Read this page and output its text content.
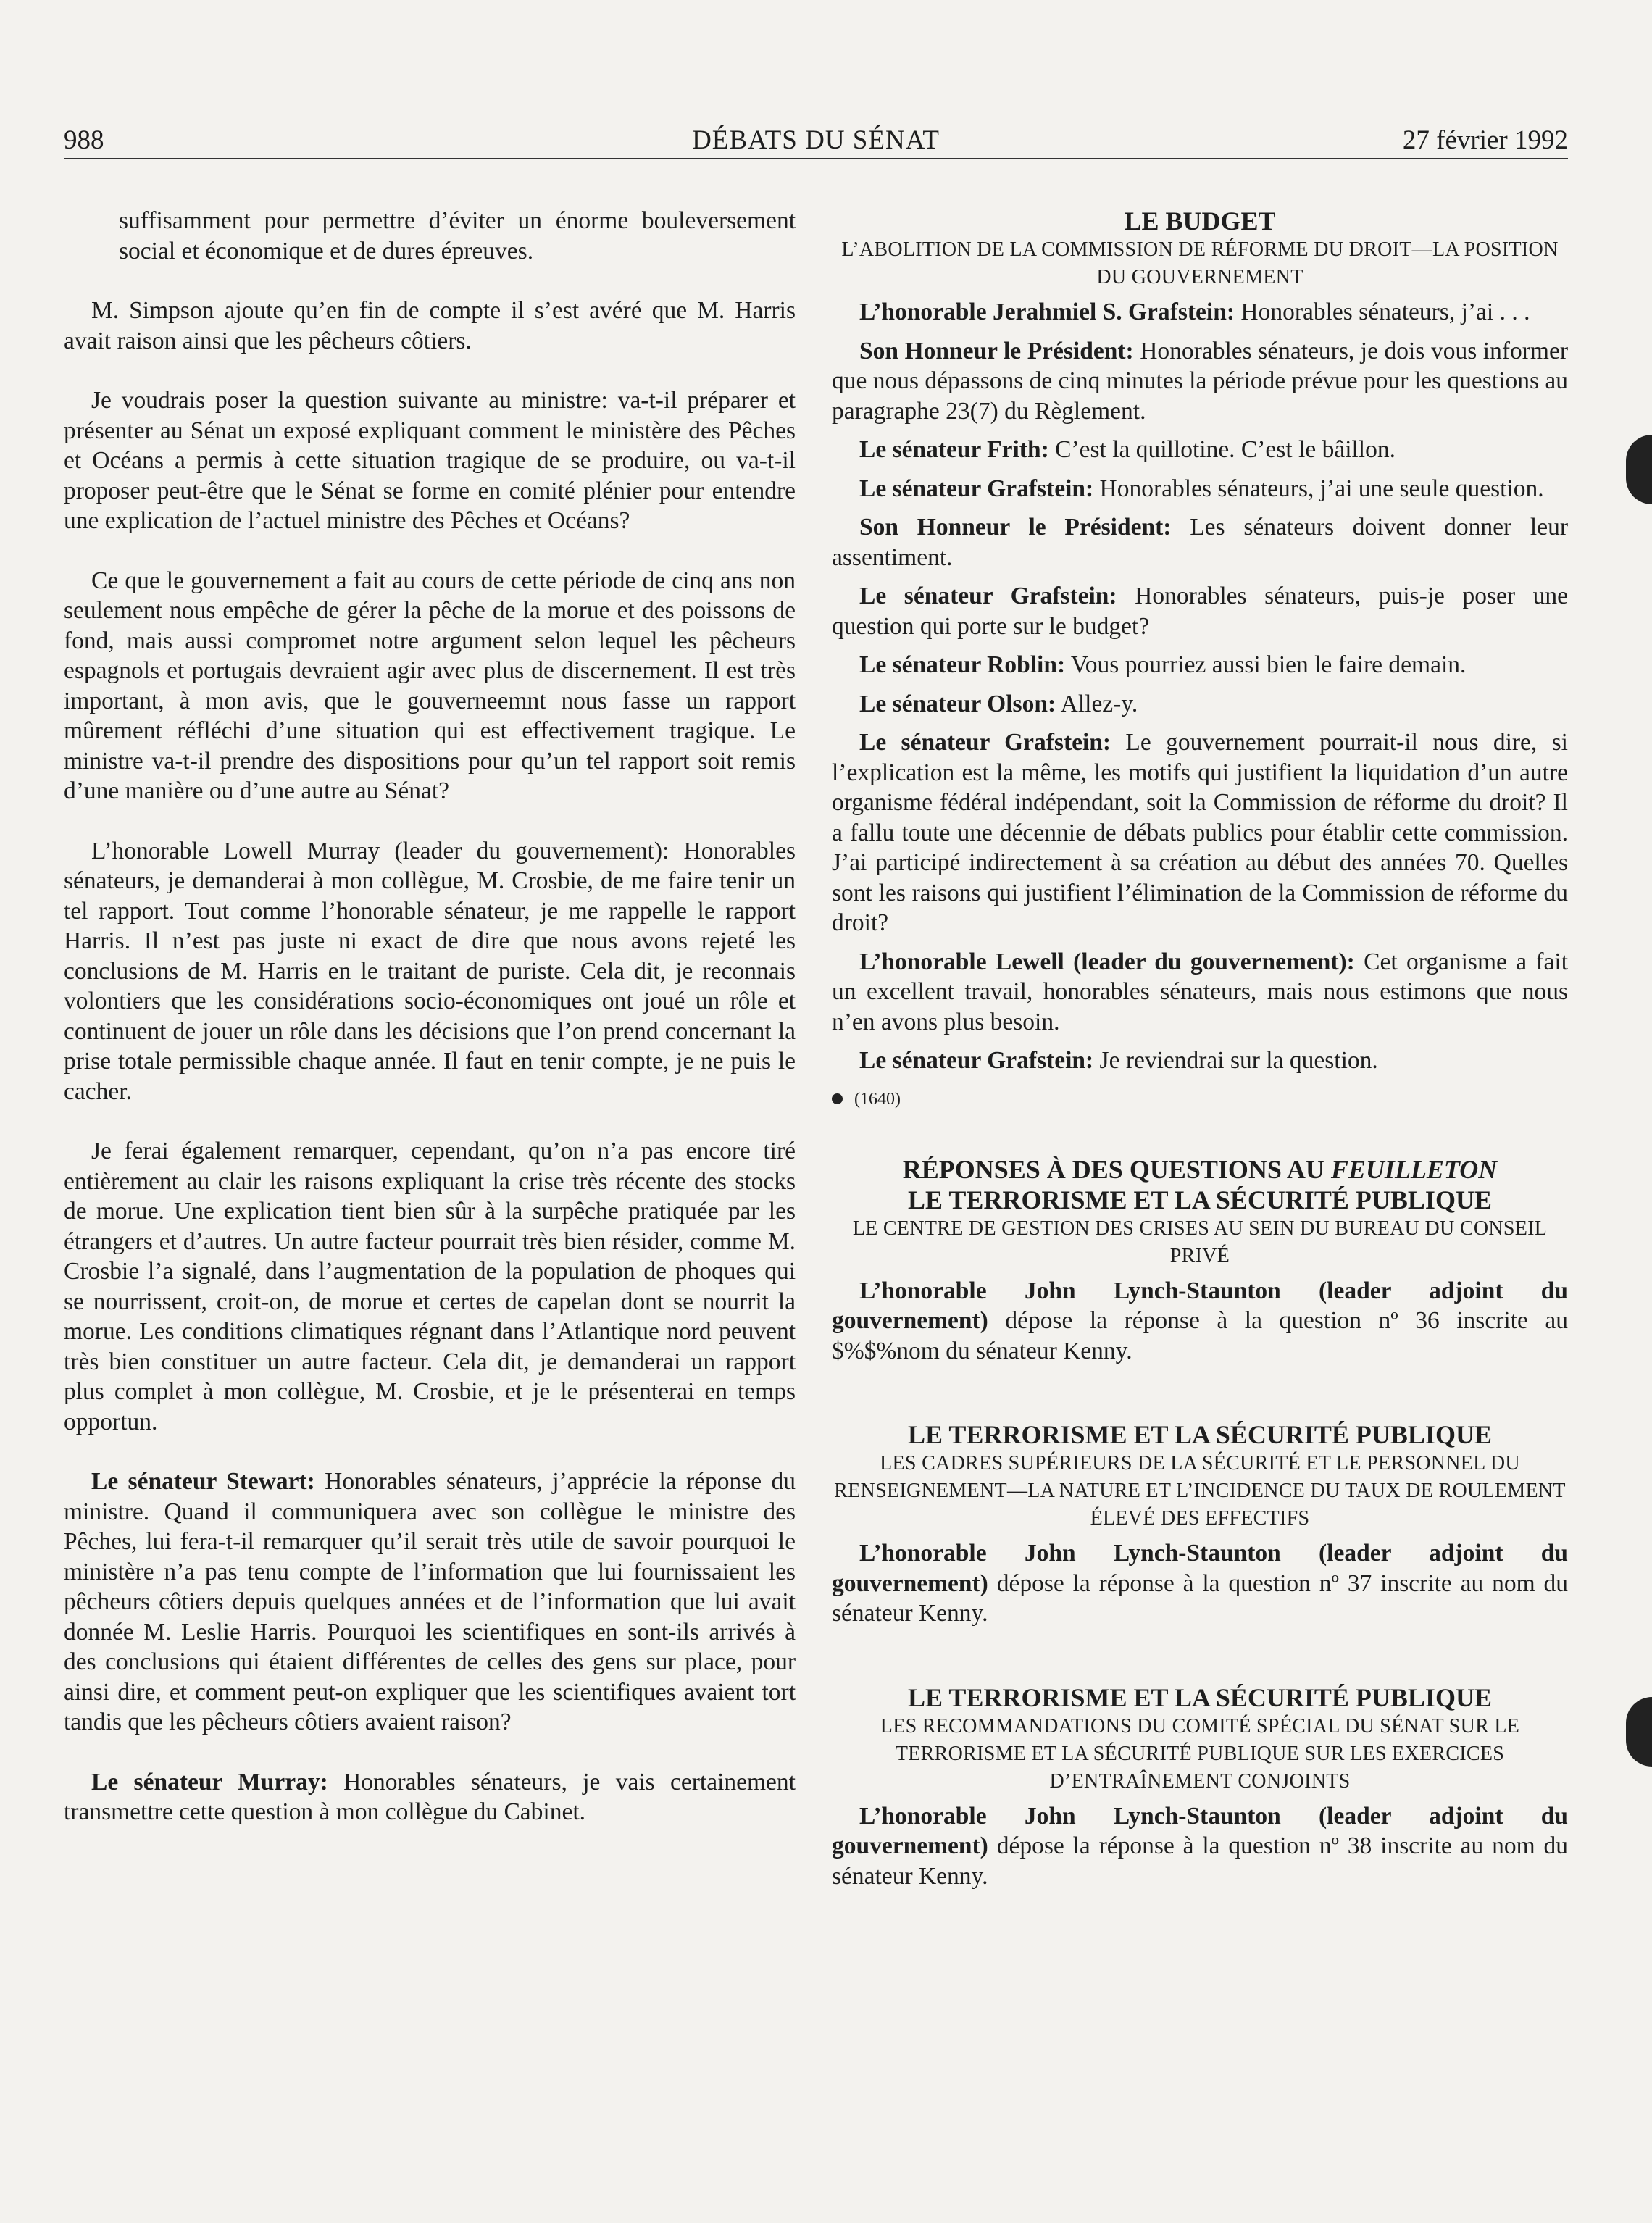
988	DÉBATS DU SÉNAT	27 février 1992

suffisamment pour permettre d’éviter un énorme bouleversement social et économique et de dures épreuves.

M. Simpson ajoute qu’en fin de compte il s’est avéré que M. Harris avait raison ainsi que les pêcheurs côtiers.

Je voudrais poser la question suivante au ministre: va-t-il préparer et présenter au Sénat un exposé expliquant comment le ministère des Pêches et Océans a permis à cette situation tragique de se produire, ou va-t-il proposer peut-être que le Sénat se forme en comité plénier pour entendre une explication de l’actuel ministre des Pêches et Océans?

Ce que le gouvernement a fait au cours de cette période de cinq ans non seulement nous empêche de gérer la pêche de la morue et des poissons de fond, mais aussi compromet notre argument selon lequel les pêcheurs espagnols et portugais devraient agir avec plus de discernement. Il est très important, à mon avis, que le gouverneemnt nous fasse un rapport mûrement réfléchi d’une situation qui est effectivement tragique. Le ministre va-t-il prendre des dispositions pour qu’un tel rapport soit remis d’une manière ou d’une autre au Sénat?

L’honorable Lowell Murray (leader du gouvernement): Honorables sénateurs, je demanderai à mon collègue, M. Crosbie, de me faire tenir un tel rapport. Tout comme l’honorable sénateur, je me rappelle le rapport Harris. Il n’est pas juste ni exact de dire que nous avons rejeté les conclusions de M. Harris en le traitant de puriste. Cela dit, je reconnais volontiers que les considérations socio-économiques ont joué un rôle et continuent de jouer un rôle dans les décisions que l’on prend concernant la prise totale permissible chaque année. Il faut en tenir compte, je ne puis le cacher.

Je ferai également remarquer, cependant, qu’on n’a pas encore tiré entièrement au clair les raisons expliquant la crise très récente des stocks de morue. Une explication tient bien sûr à la surpêche pratiquée par les étrangers et d’autres. Un autre facteur pourrait très bien résider, comme M. Crosbie l’a signalé, dans l’augmentation de la population de phoques qui se nourrissent, croit-on, de morue et certes de capelan dont se nourrit la morue. Les conditions climatiques régnant dans l’Atlantique nord peuvent très bien constituer un autre facteur. Cela dit, je demanderai un rapport plus complet à mon collègue, M. Crosbie, et je le présenterai en temps opportun.

Le sénateur Stewart: Honorables sénateurs, j’apprécie la réponse du ministre. Quand il communiquera avec son collègue le ministre des Pêches, lui fera-t-il remarquer qu’il serait très utile de savoir pourquoi le ministère n’a pas tenu compte de l’information que lui fournissaient les pêcheurs côtiers depuis quelques années et de l’information que lui avait donnée M. Leslie Harris. Pourquoi les scientifiques en sont-ils arrivés à des conclusions qui étaient différentes de celles des gens sur place, pour ainsi dire, et comment peut-on expliquer que les scientifiques avaient tort tandis que les pêcheurs côtiers avaient raison?

Le sénateur Murray: Honorables sénateurs, je vais certainement transmettre cette question à mon collègue du Cabinet.

LE BUDGET
L’ABOLITION DE LA COMMISSION DE RÉFORME DU DROIT—LA POSITION DU GOUVERNEMENT

L’honorable Jerahmiel S. Grafstein: Honorables sénateurs, j’ai . . .

Son Honneur le Président: Honorables sénateurs, je dois vous informer que nous dépassons de cinq minutes la période prévue pour les questions au paragraphe 23(7) du Règlement.

Le sénateur Frith: C’est la quillotine. C’est le bâillon.

Le sénateur Grafstein: Honorables sénateurs, j’ai une seule question.

Son Honneur le Président: Les sénateurs doivent donner leur assentiment.

Le sénateur Grafstein: Honorables sénateurs, puis-je poser une question qui porte sur le budget?

Le sénateur Roblin: Vous pourriez aussi bien le faire demain.

Le sénateur Olson: Allez-y.

Le sénateur Grafstein: Le gouvernement pourrait-il nous dire, si l’explication est la même, les motifs qui justifient la liquidation d’un autre organisme fédéral indépendant, soit la Commission de réforme du droit? Il a fallu toute une décennie de débats publics pour établir cette commission. J’ai participé indirectement à sa création au début des années 70. Quelles sont les raisons qui justifient l’élimination de la Commission de réforme du droit?

L’honorable Lewell (leader du gouvernement): Cet organisme a fait un excellent travail, honorables sénateurs, mais nous estimons que nous n’en avons plus besoin.

Le sénateur Grafstein: Je reviendrai sur la question.

(1640)
RÉPONSES À DES QUESTIONS AU FEUILLETON
LE TERRORISME ET LA SÉCURITÉ PUBLIQUE
LE CENTRE DE GESTION DES CRISES AU SEIN DU BUREAU DU CONSEIL PRIVÉ

L’honorable John Lynch-Staunton (leader adjoint du gouvernement) dépose la réponse à la question nº 36 inscrite au $%$%nom du sénateur Kenny.

LE TERRORISME ET LA SÉCURITÉ PUBLIQUE
LES CADRES SUPÉRIEURS DE LA SÉCURITÉ ET LE PERSONNEL DU RENSEIGNEMENT—LA NATURE ET L’INCIDENCE DU TAUX DE ROULEMENT ÉLEVÉ DES EFFECTIFS

L’honorable John Lynch-Staunton (leader adjoint du gouvernement) dépose la réponse à la question nº 37 inscrite au nom du sénateur Kenny.

LE TERRORISME ET LA SÉCURITÉ PUBLIQUE
LES RECOMMANDATIONS DU COMITÉ SPÉCIAL DU SÉNAT SUR LE TERRORISME ET LA SÉCURITÉ PUBLIQUE SUR LES EXERCICES D’ENTRAÎNEMENT CONJOINTS

L’honorable John Lynch-Staunton (leader adjoint du gouvernement) dépose la réponse à la question nº 38 inscrite au nom du sénateur Kenny.
